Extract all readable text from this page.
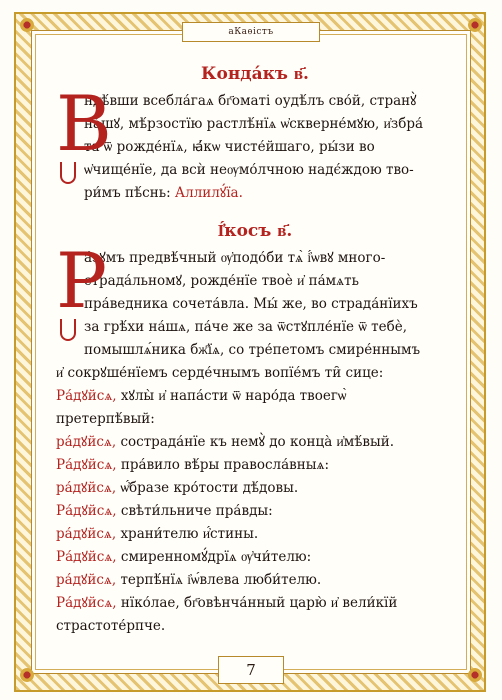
аКаѳістъ
Конда́къ в҃.
В
ндѣ́вши всебла́гаѧ бг҃оматі оудѣ́лъ сво́й, странꙋ̀
на́шꙋ, мѣ́рзостїю растлѣ́нїѧ ѡ҆скверне́мꙋю, и҆збра́
та ѿ рожде́нїѧ, ꙗ҆́кѡ чисте́йшаго, ры́зи во
ѡ҆чище́нїе, да всѝ неѹмо́лчною надє́ждою тво-
ри́мъ пѣ́снь: Аллилꙋ́їа.
І҆́косъ в҃.
Р
а́зꙋмъ предвѣ́чный ѹ҆подо́би тѧ̀ і҆́ѡвꙋ много-
страда́льномꙋ, рожде́нїе твоѐ и҆ па́мѧть
пра́ведника сочета́вла. Мы́ же, во страда́нїихъ
за грѣ́хи на́шѧ, па́че же за ѿстꙋпле́нїе ѿ тебѐ,
помышлѧ́ника бж҃їѧ, со тре́петомъ смире́ннымъ
и҆ сокрꙋше́нїемъ серде́чнымъ вопїе́мъ ти̑ сице:
Ра́дꙋйсѧ, хꙋлы̀ и҆ напа́сти ѿ наро́да твоегѡ̀
претерпѣ́вый:
ра́дꙋйсѧ, сострада́нїе къ немꙋ̀ до конца̀ и҆мѣ́вый.
Ра́дꙋйсѧ, пра́вило вѣ́ры правосла́вныѧ:
ра́дꙋйсѧ, ѡ҆́бразе кро́тости дѣ́довы.
Ра́дꙋйсѧ, свѣти́льниче пра́вды:
ра́дꙋйсѧ, храни́телю и҆́стины.
Ра́дꙋйсѧ, смиренномꙋ́дрїѧ ѹ҆чи́телю:
ра́дꙋйсѧ, терпѣ́нїѧ і҆ѡ́влева люби́телю.
Ра́дꙋйсѧ, нїко́лае, бг҃овѣнча́нный царю̀ и҆ вели́кїй
страстоте́рпче.
7
